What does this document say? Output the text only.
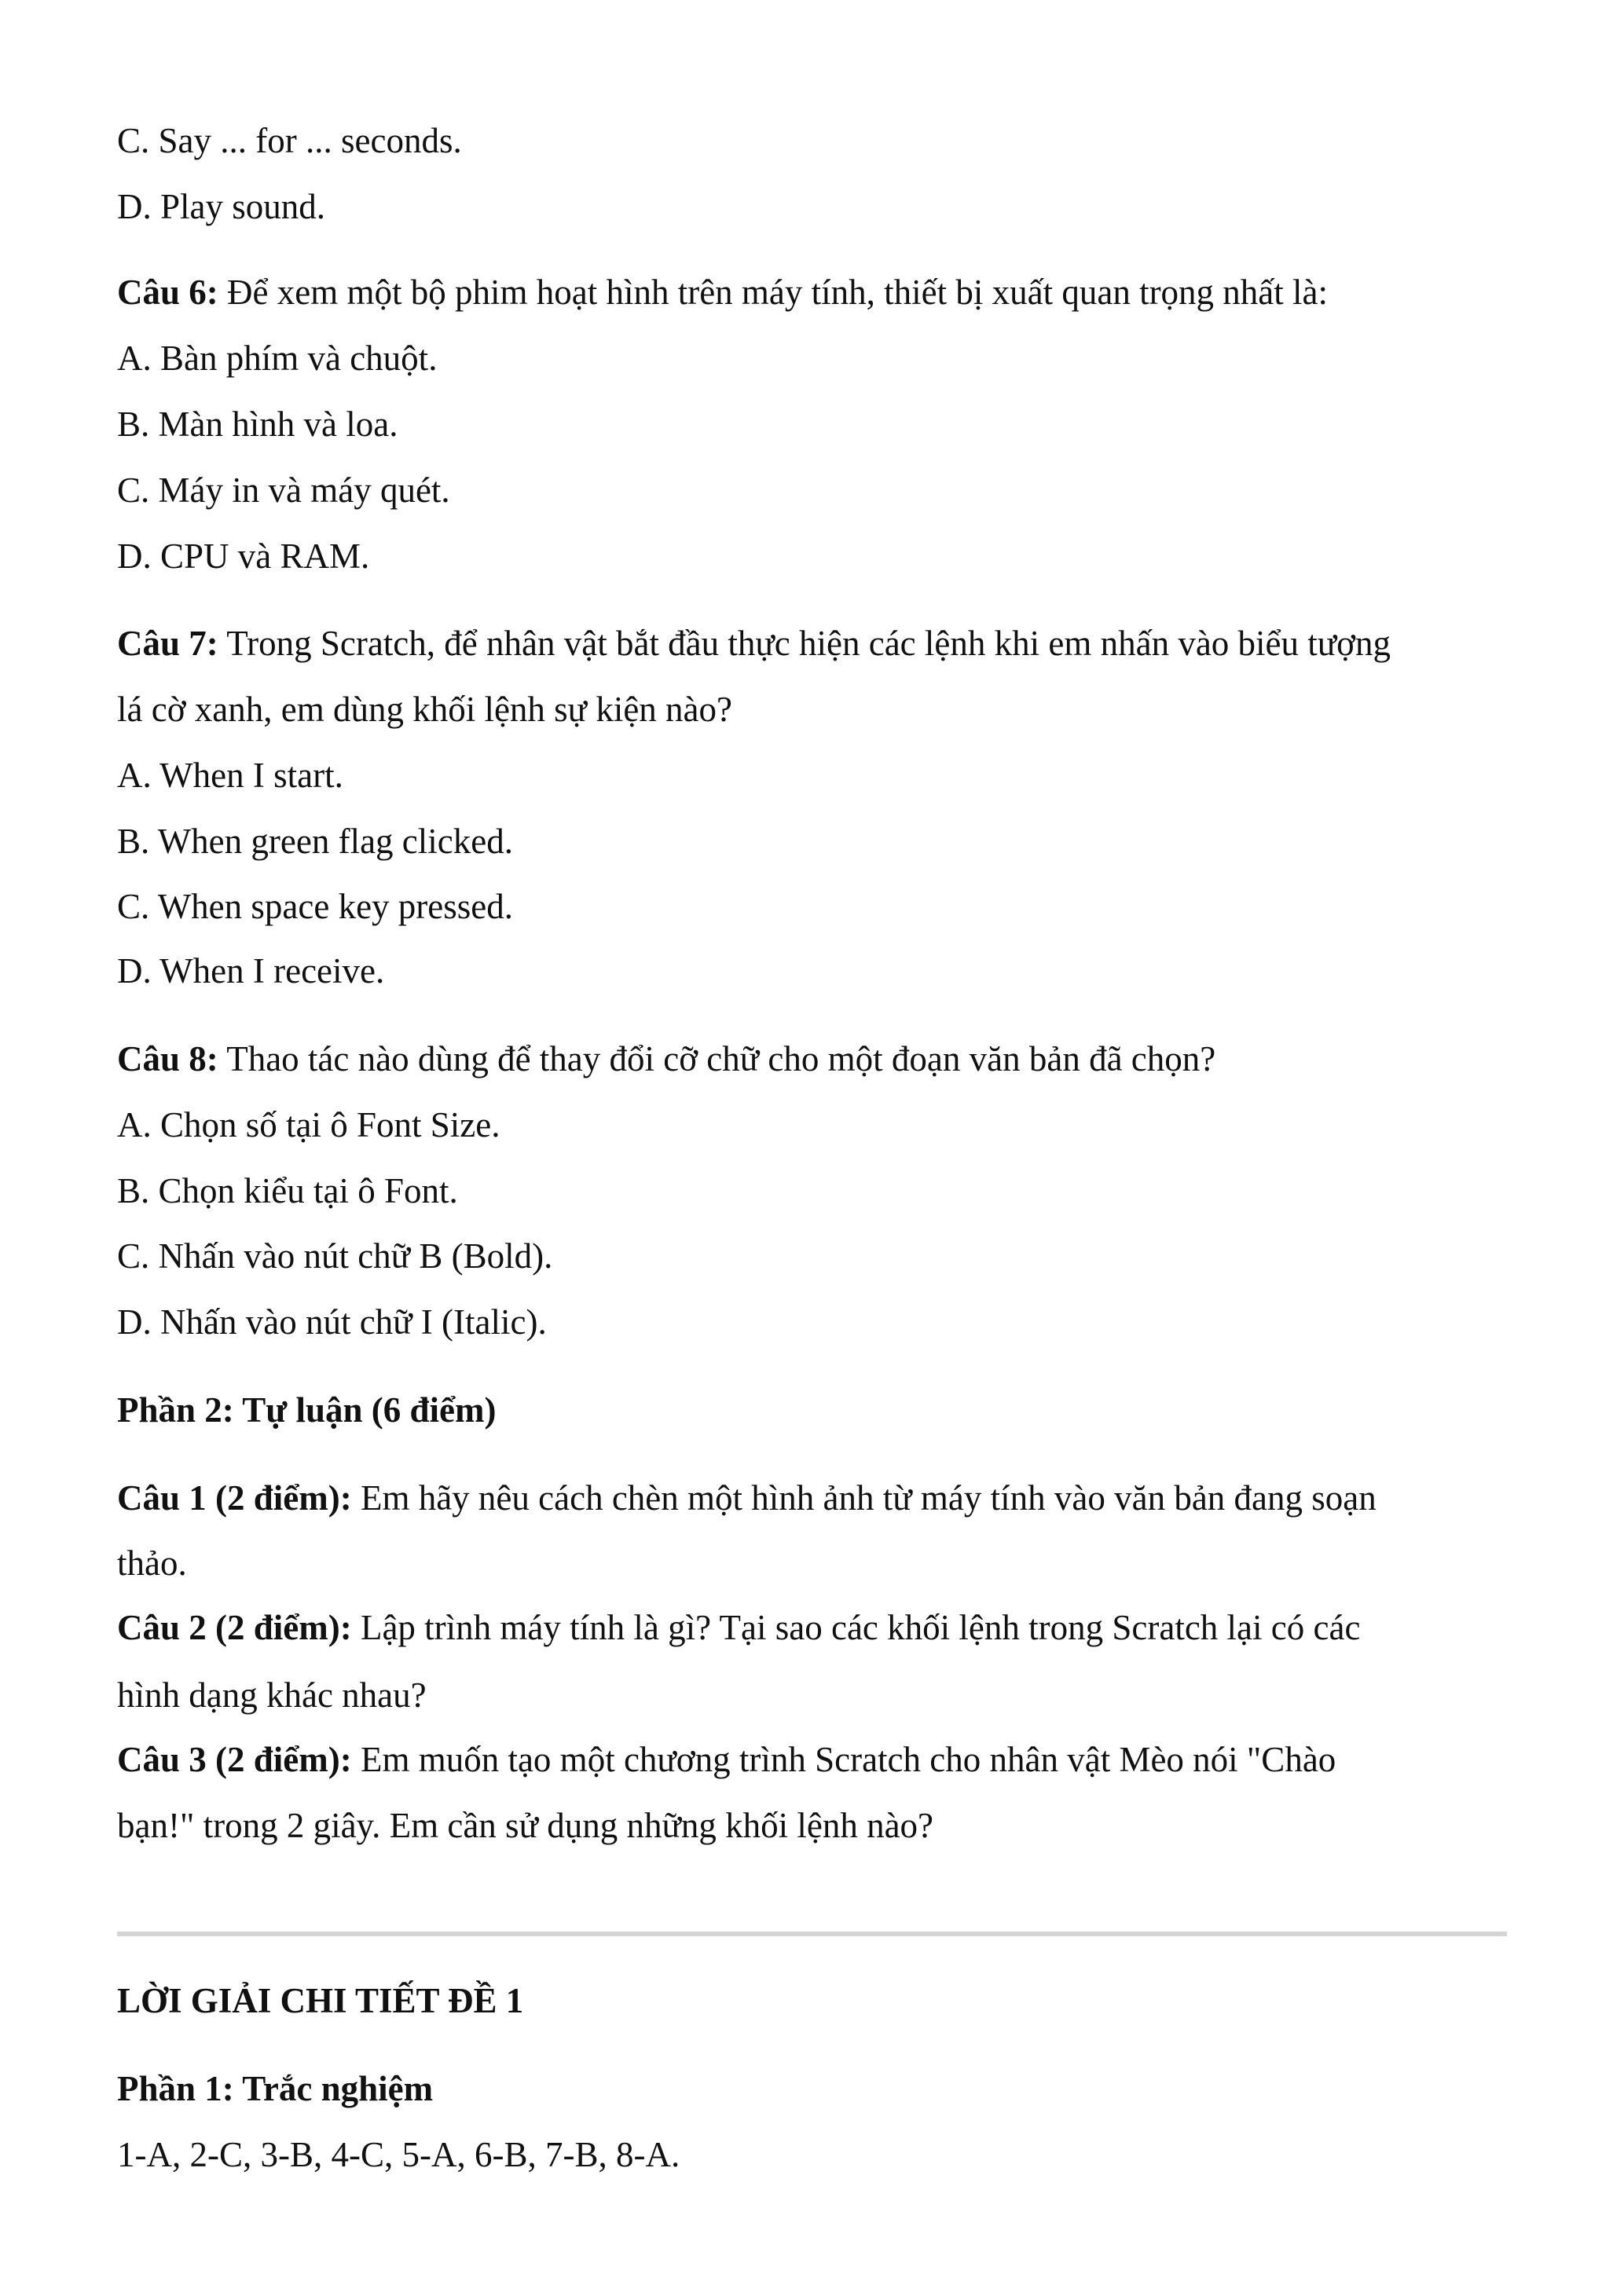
C. Say ... for ... seconds.
D. Play sound.
Câu 6: Để xem một bộ phim hoạt hình trên máy tính, thiết bị xuất quan trọng nhất là:
A. Bàn phím và chuột.
B. Màn hình và loa.
C. Máy in và máy quét.
D. CPU và RAM.
Câu 7: Trong Scratch, để nhân vật bắt đầu thực hiện các lệnh khi em nhấn vào biểu tượng
lá cờ xanh, em dùng khối lệnh sự kiện nào?
A. When I start.
B. When green flag clicked.
C. When space key pressed.
D. When I receive.
Câu 8: Thao tác nào dùng để thay đổi cỡ chữ cho một đoạn văn bản đã chọn?
A. Chọn số tại ô Font Size.
B. Chọn kiểu tại ô Font.
C. Nhấn vào nút chữ B (Bold).
D. Nhấn vào nút chữ I (Italic).
Phần 2: Tự luận (6 điểm)
Câu 1 (2 điểm): Em hãy nêu cách chèn một hình ảnh từ máy tính vào văn bản đang soạn
thảo.
Câu 2 (2 điểm): Lập trình máy tính là gì? Tại sao các khối lệnh trong Scratch lại có các
hình dạng khác nhau?
Câu 3 (2 điểm): Em muốn tạo một chương trình Scratch cho nhân vật Mèo nói "Chào
bạn!" trong 2 giây. Em cần sử dụng những khối lệnh nào?
LỜI GIẢI CHI TIẾT ĐỀ 1
Phần 1: Trắc nghiệm
1-A, 2-C, 3-B, 4-C, 5-A, 6-B, 7-B, 8-A.
